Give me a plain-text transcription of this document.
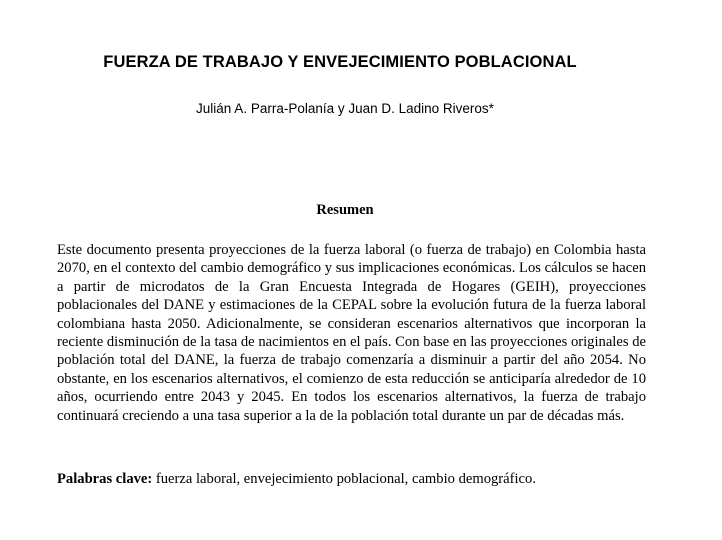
FUERZA DE TRABAJO Y ENVEJECIMIENTO POBLACIONAL
Julián A. Parra-Polanía y Juan D. Ladino Riveros*
Resumen

Este documento presenta proyecciones de la fuerza laboral (o fuerza de trabajo) en Colombia hasta 2070, en el contexto del cambio demográfico y sus implicaciones económicas. Los cálculos se hacen a partir de microdatos de la Gran Encuesta Integrada de Hogares (GEIH), proyecciones poblacionales del DANE y estimaciones de la CEPAL sobre la evolución futura de la fuerza laboral colombiana hasta 2050. Adicionalmente, se consideran escenarios alternativos que incorporan la reciente disminución de la tasa de nacimientos en el país. Con base en las proyecciones originales de población total del DANE, la fuerza de trabajo comenzaría a disminuir a partir del año 2054. No obstante, en los escenarios alternativos, el comienzo de esta reducción se anticiparía alrededor de 10 años, ocurriendo entre 2043 y 2045. En todos los escenarios alternativos, la fuerza de trabajo continuará creciendo a una tasa superior a la de la población total durante un par de décadas más.

Palabras clave: fuerza laboral, envejecimiento poblacional, cambio demográfico.
